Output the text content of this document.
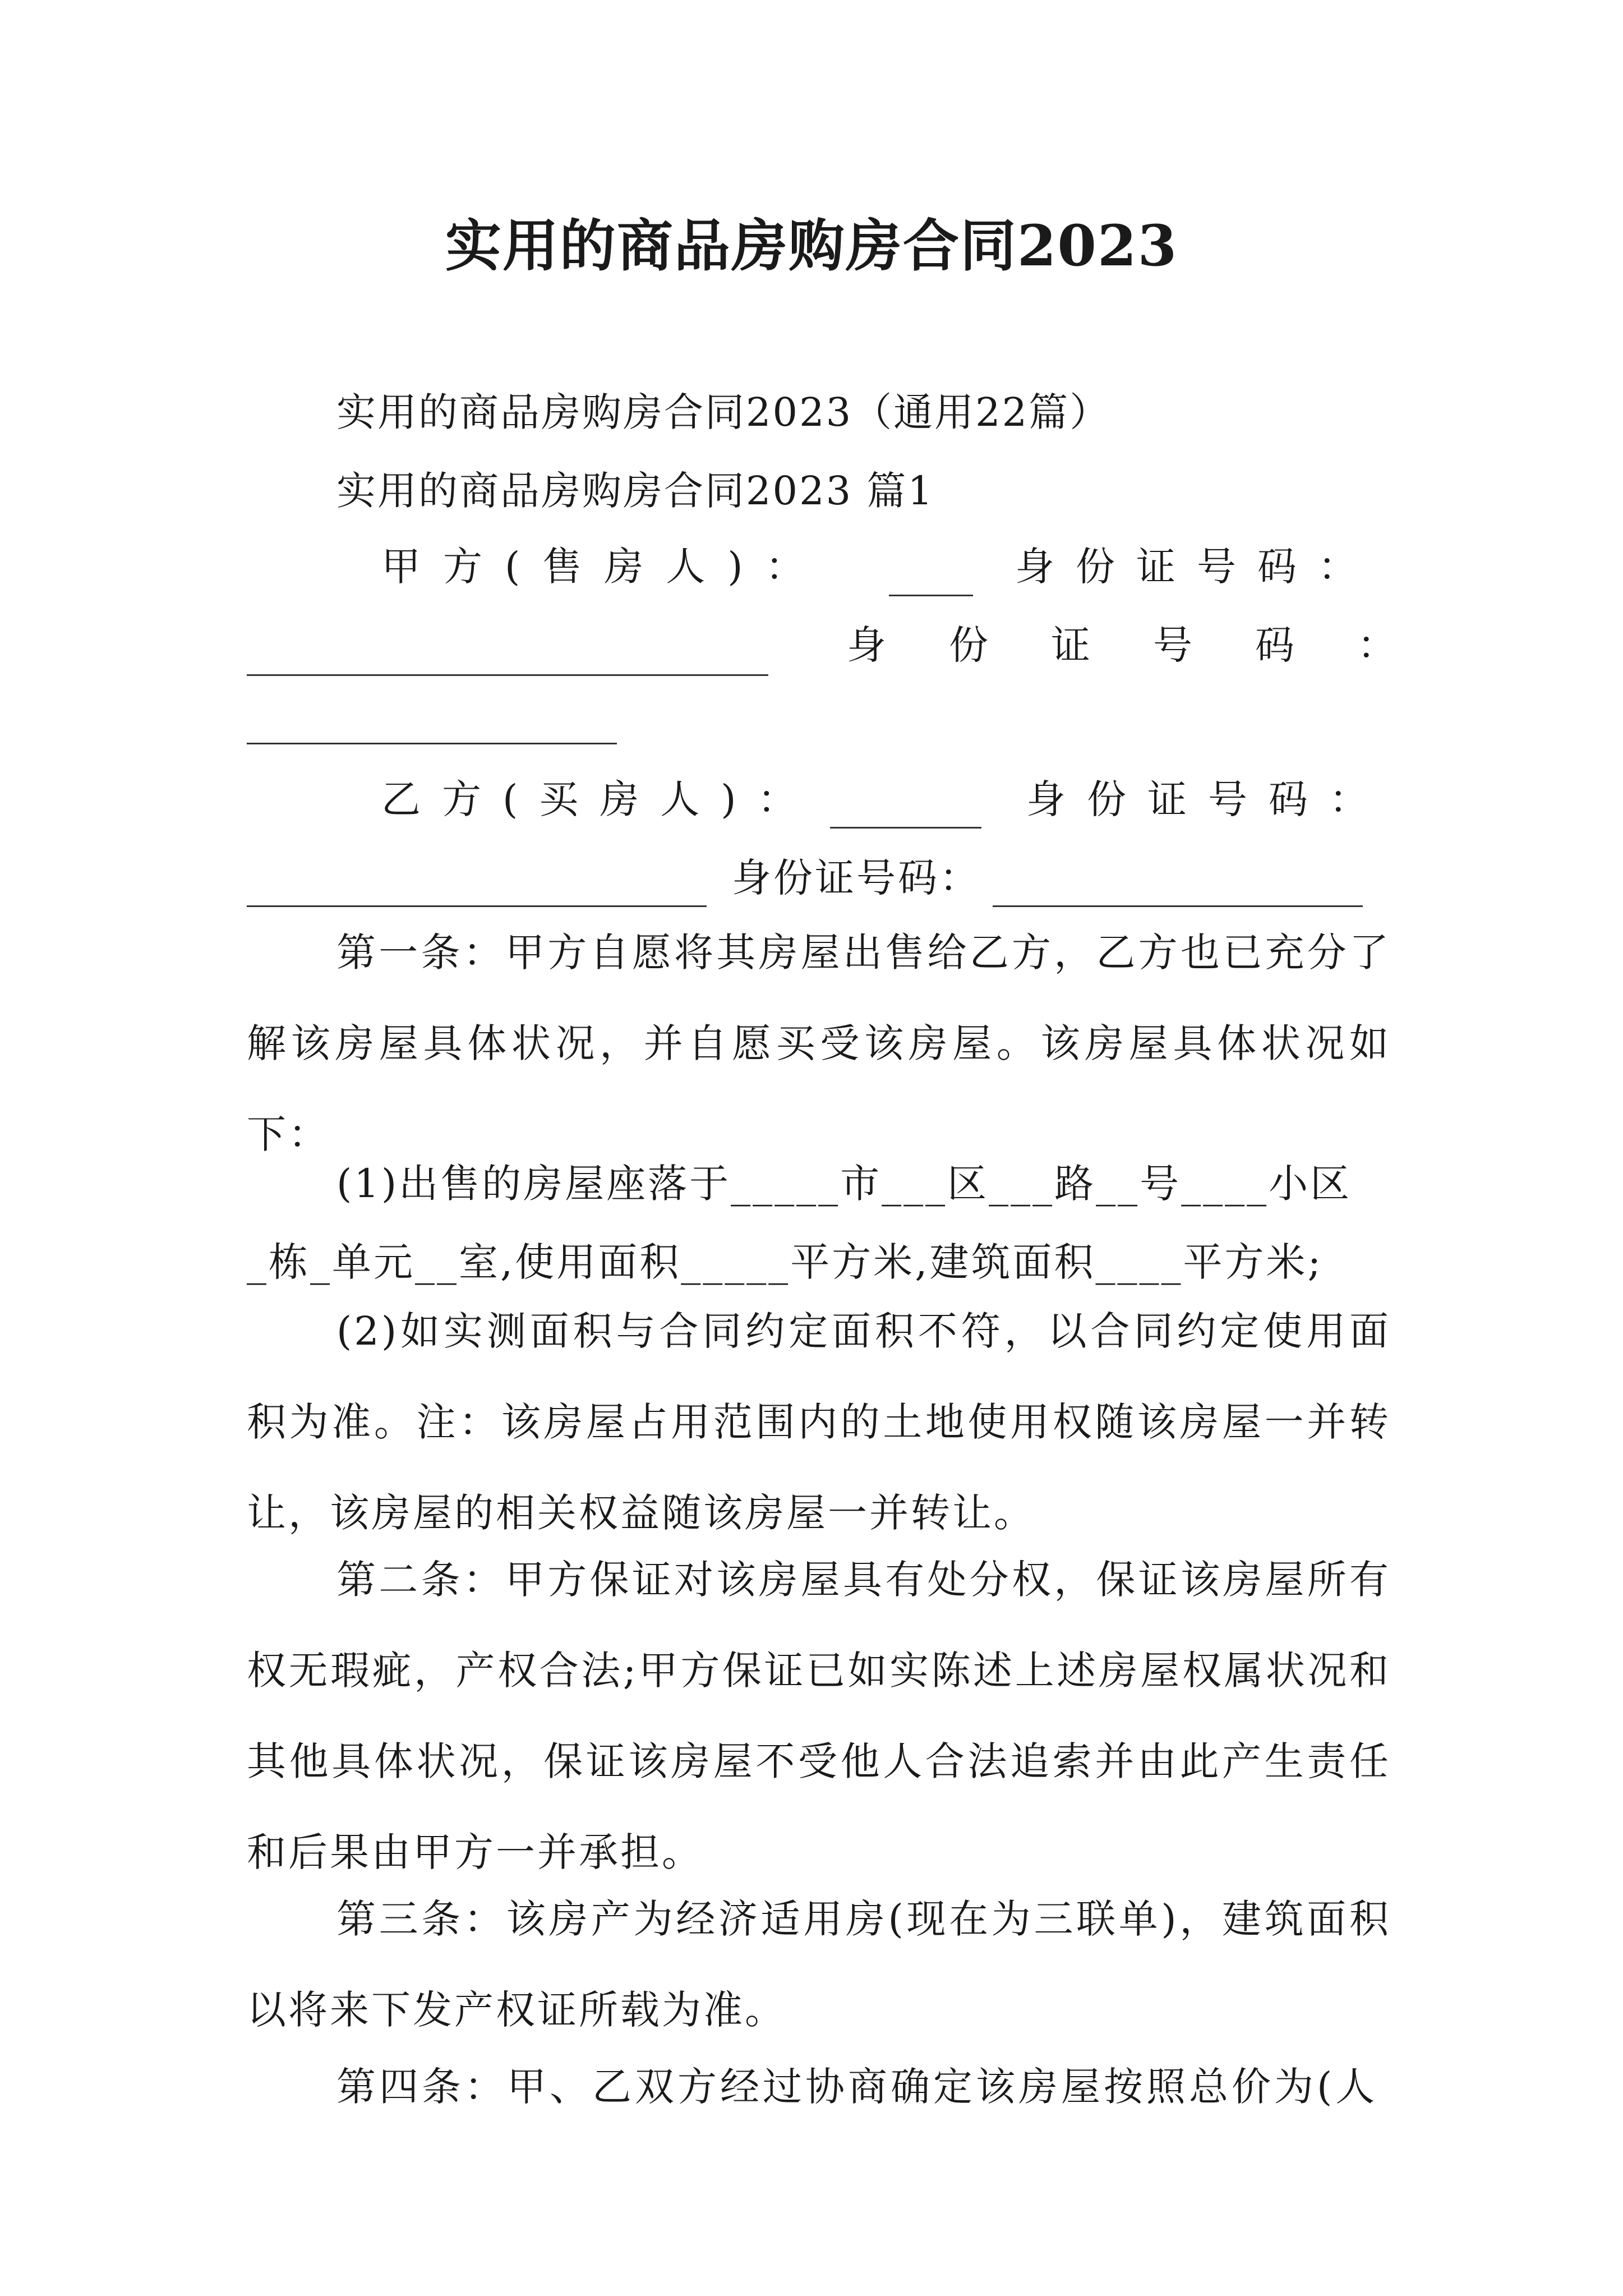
实用的商品房购房合同2023
实用的商品房购房合同2023（通用22篇）
实用的商品房购房合同2023 篇1
甲方(售房人)：	身份证号码：
身份证号码：
乙方(买房人)：	身份证号码：
身份证号码：
第一条：甲方自愿将其房屋出售给乙方，乙方也已充分了解该房屋具体状况，并自愿买受该房屋。该房屋具体状况如下：
(1)出售的房屋座落于_____市___区___路__号____小区
_栋_单元__室,使用面积_____平方米,建筑面积____平方米;
(2)如实测面积与合同约定面积不符，以合同约定使用面积为准。注：该房屋占用范围内的土地使用权随该房屋一并转让，该房屋的相关权益随该房屋一并转让。
第二条：甲方保证对该房屋具有处分权，保证该房屋所有权无瑕疵，产权合法;甲方保证已如实陈述上述房屋权属状况和其他具体状况，保证该房屋不受他人合法追索并由此产生责任和后果由甲方一并承担。
第三条：该房产为经济适用房(现在为三联单)，建筑面积以将来下发产权证所载为准。
第四条：甲、乙双方经过协商确定该房屋按照总价为(人
